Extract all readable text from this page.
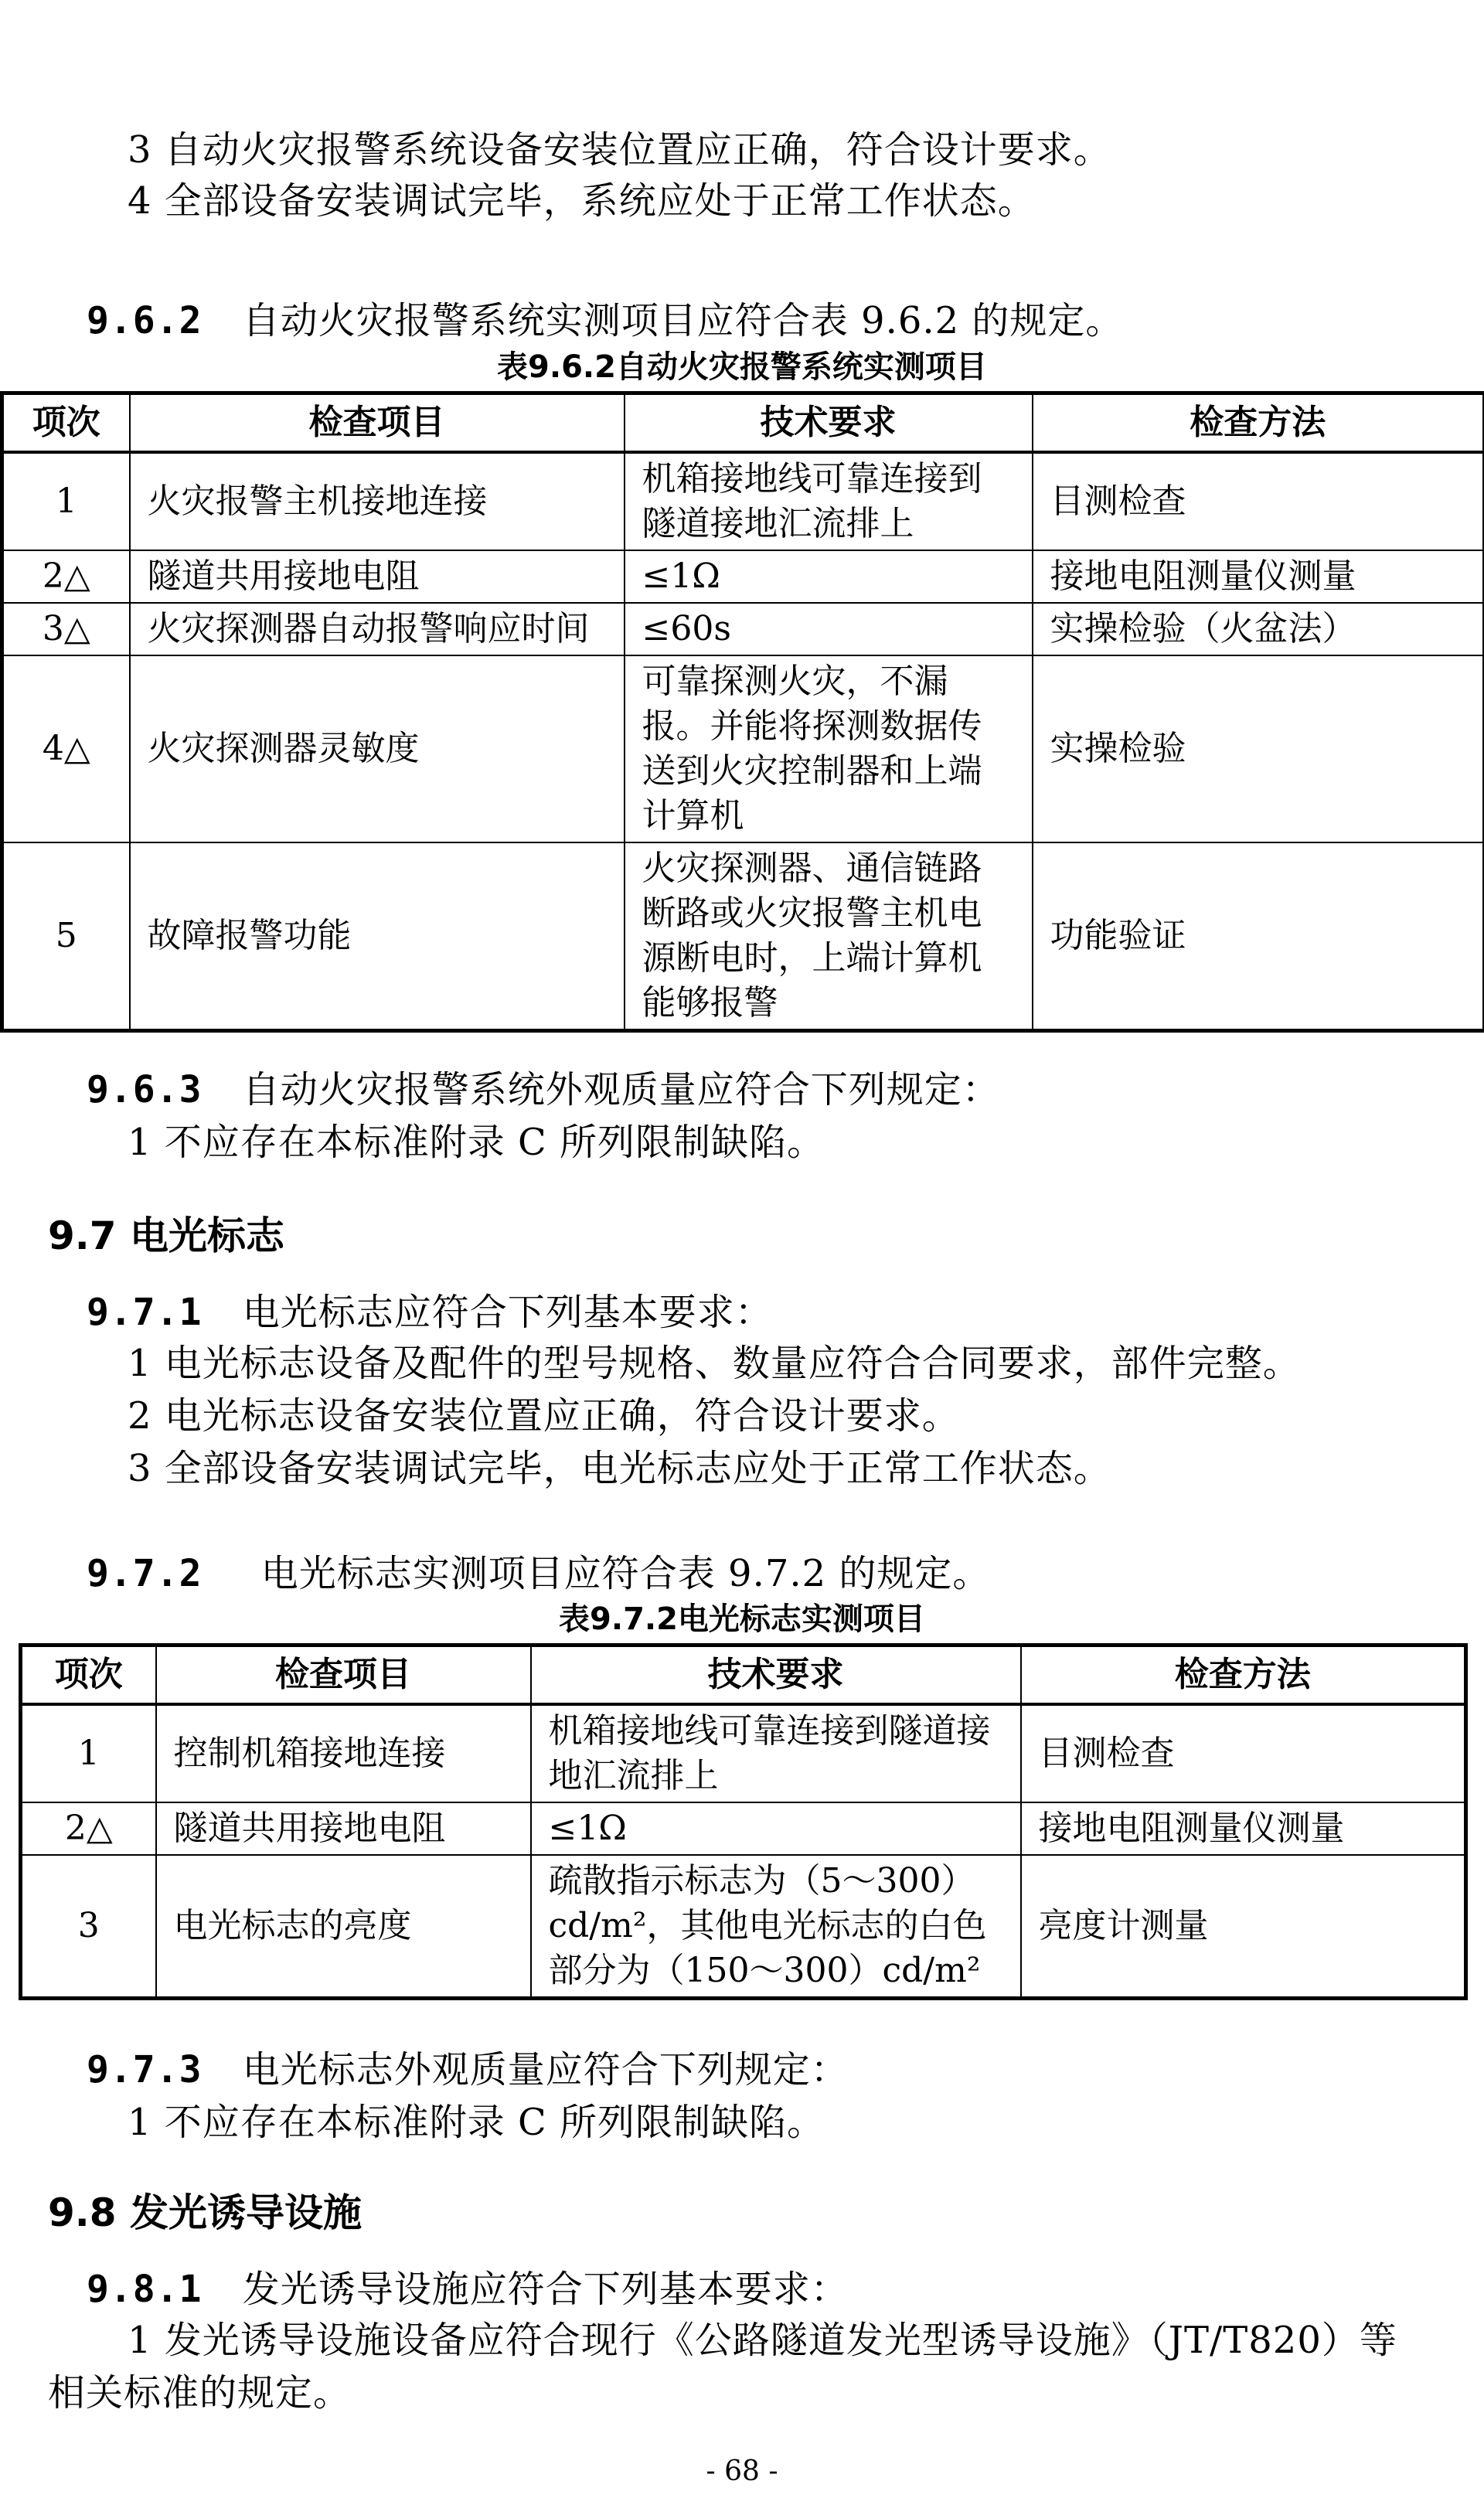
3 自动火灾报警系统设备安装位置应正确，符合设计要求。
4 全部设备安装调试完毕，系统应处于正常工作状态。
9.6.2 自动火灾报警系统实测项目应符合表 9.6.2 的规定。
表9.6.2自动火灾报警系统实测项目
项次	检查项目	技术要求	检查方法
1	火灾报警主机接地连接	机箱接地线可靠连接到隧道接地汇流排上	目测检查
2△	隧道共用接地电阻	≤1Ω	接地电阻测量仪测量
3△	火灾探测器自动报警响应时间	≤60s	实操检验（火盆法）
4△	火灾探测器灵敏度	可靠探测火灾，不漏报。并能将探测数据传送到火灾控制器和上端计算机	实操检验
5	故障报警功能	火灾探测器、通信链路断路或火灾报警主机电源断电时，上端计算机能够报警	功能验证
9.6.3 自动火灾报警系统外观质量应符合下列规定：
1 不应存在本标准附录 C 所列限制缺陷。
9.7 电光标志
9.7.1 电光标志应符合下列基本要求：
1 电光标志设备及配件的型号规格、数量应符合合同要求，部件完整。
2 电光标志设备安装位置应正确，符合设计要求。
3 全部设备安装调试完毕，电光标志应处于正常工作状态。
9.7.2 电光标志实测项目应符合表 9.7.2 的规定。
表9.7.2电光标志实测项目
项次	检查项目	技术要求	检查方法
1	控制机箱接地连接	机箱接地线可靠连接到隧道接地汇流排上	目测检查
2△	隧道共用接地电阻	≤1Ω	接地电阻测量仪测量
3	电光标志的亮度	疏散指示标志为（5～300）cd/m²，其他电光标志的白色部分为（150～300）cd/m²	亮度计测量
9.7.3 电光标志外观质量应符合下列规定：
1 不应存在本标准附录 C 所列限制缺陷。
9.8 发光诱导设施
9.8.1 发光诱导设施应符合下列基本要求：
1 发光诱导设施设备应符合现行《公路隧道发光型诱导设施》（JT/T820）等
相关标准的规定。
- 68 -
